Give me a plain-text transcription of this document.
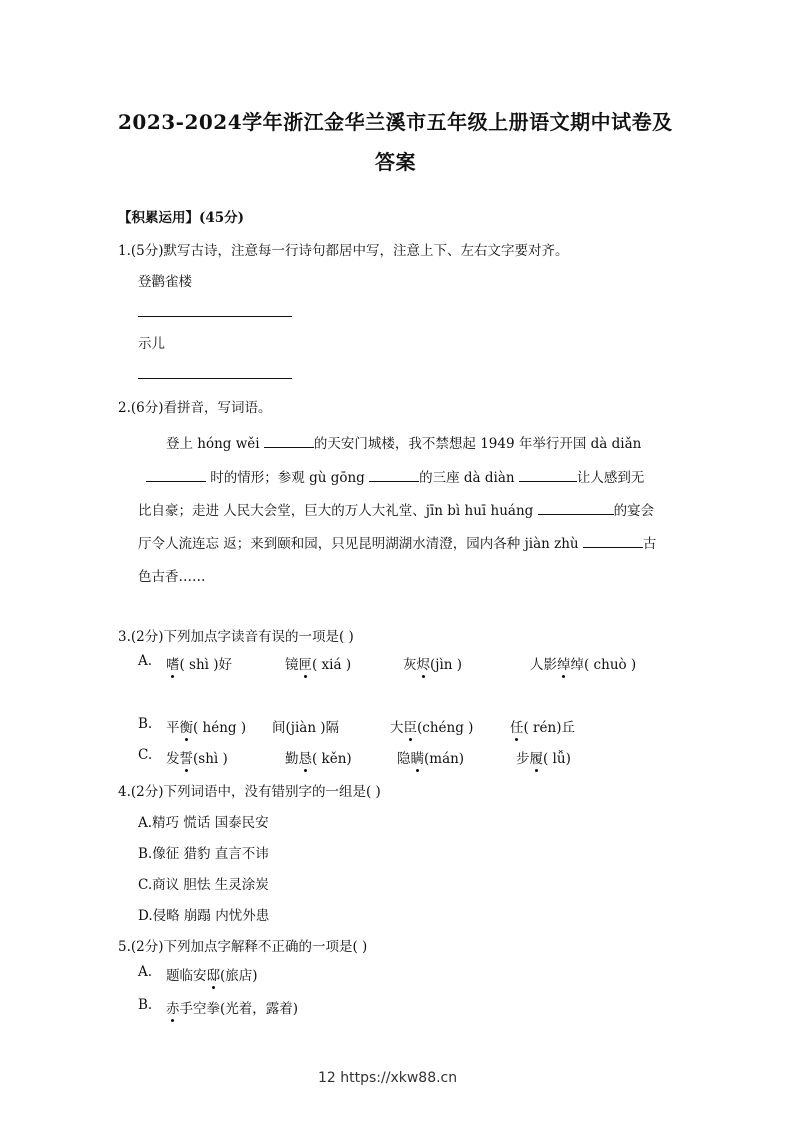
2023-2024学年浙江金华兰溪市五年级上册语文期中试卷及
答案
【积累运用】(45分)
1.(5分)默写古诗，注意每一行诗句都居中写，注意上下、左右文字要对齐。
登鹳雀楼
示儿
2.(6分)看拼音，写词语。
登上 hóng wěi	的天安门城楼，我不禁想起 1949 年举行开国 dà diǎn
时的情形；参观 gù gōng	的三座 dà diàn	让人感到无
比自豪；走进 人民大会堂，巨大的万人大礼堂、jīn bì huī huáng	的宴会
厅令人流连忘 返；来到颐和园，只见昆明湖湖水清澄，园内各种 jiàn zhù	古
色古香……
3.(2分)下列加点字读音有误的一项是( )
A. 嗜( shì )好	镜匣( xiá )	灰烬(jìn )	人影绰绰( chuò )
B. 平衡( héng ) 间(jiàn )隔	大臣(chéng )	任( rén)丘
C. 发誓(shì )	勤恳( kěn)	隐瞒(mán)	步履( lǚ)
4.(2分)下列词语中，没有错别字的一组是( )
A.精巧 慌话 国泰民安
B.像征 猎豹 直言不讳
C.商议 胆怯 生灵涂炭
D.侵略 崩蹋 内忧外患
5.(2分)下列加点字解释不正确的一项是( )
A. 题临安邸(旅店)
B. 赤手空拳(光着，露着)
12 https://xkw88.cn
